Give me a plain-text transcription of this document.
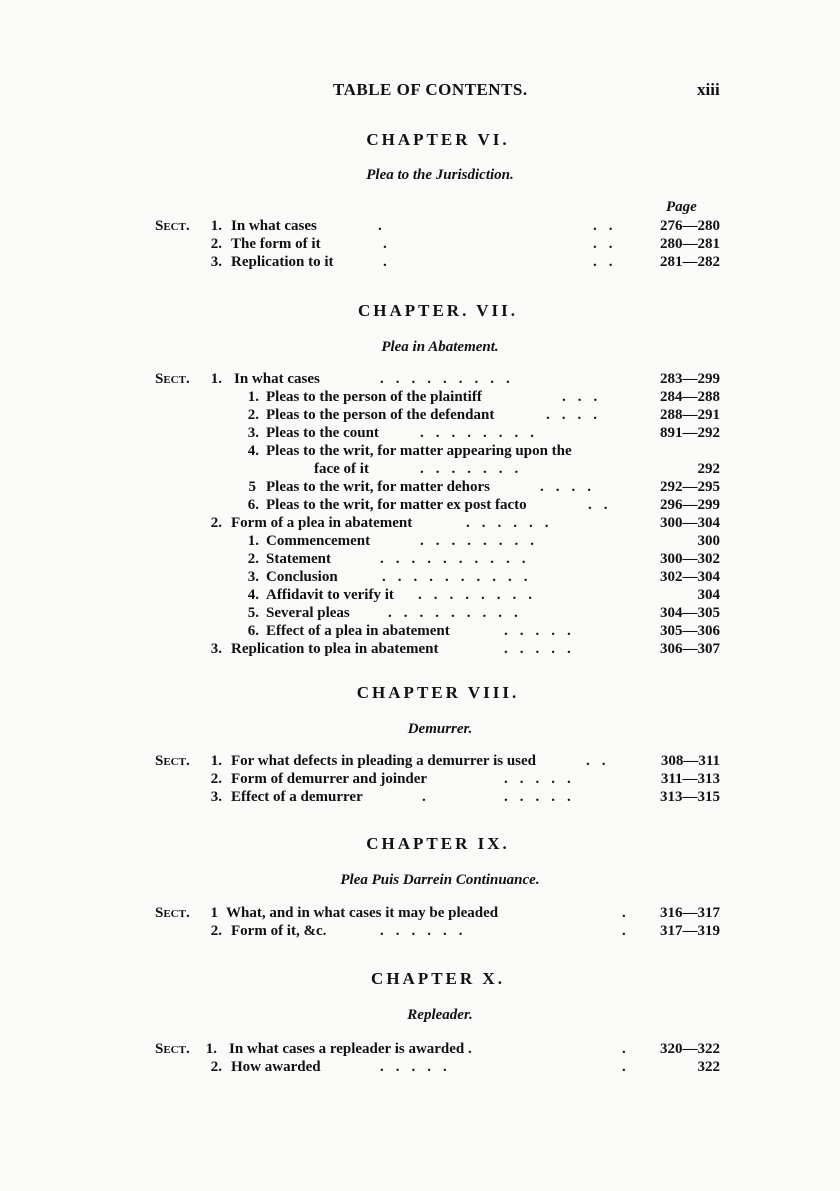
TABLE OF CONTENTS.	xiii
CHAPTER VI.
Plea to the Jurisdiction.
Page
Sect.	1. In what cases	.	.. 276—280
2. The form of it	.	.. 280—281
3. Replication to it	.	.. 281—282
CHAPTER. VII.
Plea in Abatement.
Sect.	1. In what cases	.........	283—299
1. Pleas to the person of the plaintiff	...	284—288
2. Pleas to the person of the defendant	....	288—291
3. Pleas to the count	........	891—292
4. Pleas to the writ, for matter appearing upon the
face of it	.......	292
5 Pleas to the writ, for matter dehors	....	292—295
6. Pleas to the writ, for matter ex post facto	..	296—299
2. Form of a plea in abatement	......	300—304
1. Commencement	........	300
2. Statement	..........	300—302
3. Conclusion	..........	302—304
4. Affidavit to verify it ........	304
5. Several pleas	.........	304—305
6. Effect of a plea in abatement	.....	305—306
3. Replication to plea in abatement	.....	306—307
CHAPTER VIII.
Demurrer.
Sect.	1. For what defects in pleading a demurrer is used	..	308—311
2. Form of demurrer and joinder	.....	311—313
3. Effect of a demurrer	.	.....	313—315
CHAPTER IX.
Plea Puis Darrein Continuance.
Sect.	1 What, and in what cases it may be pleaded	. 316—317
2. Form of it, &c.	......	. 317—319
CHAPTER X.
Repleader.
Sect.	1. In what cases a repleader is awarded .	. 320—322
2. How awarded	.....	.	322
